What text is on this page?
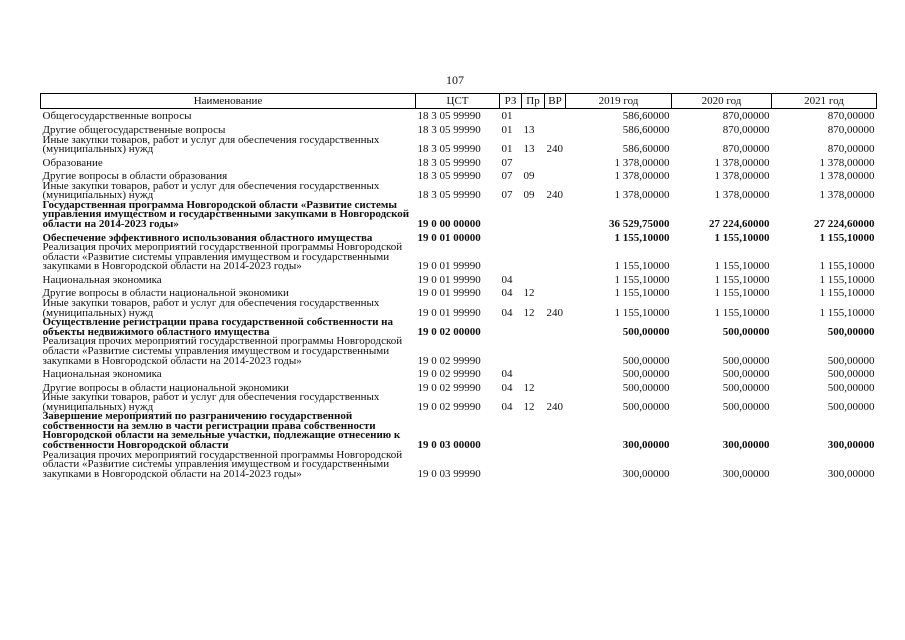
107
Наименование	ЦСТ	РЗ	Пр	ВР	2019 год	2020 год	2021 год
Общегосударственные вопросы	18 3 05 99990	01			586,60000	870,00000	870,00000
Другие общегосударственные вопросы	18 3 05 99990	01	13		586,60000	870,00000	870,00000
Иные закупки товаров, работ и услуг для обеспечения государственных (муниципальных) нужд	18 3 05 99990	01	13	240	586,60000	870,00000	870,00000
Образование	18 3 05 99990	07			1 378,00000	1 378,00000	1 378,00000
Другие вопросы в области образования	18 3 05 99990	07	09		1 378,00000	1 378,00000	1 378,00000
Иные закупки товаров, работ и услуг для обеспечения государственных (муниципальных) нужд	18 3 05 99990	07	09	240	1 378,00000	1 378,00000	1 378,00000
Государственная программа Новгородской области «Развитие системы управления имуществом и государственными закупками в Новгородской области на 2014-2023 годы»	19 0 00 00000				36 529,75000	27 224,60000	27 224,60000
Обеспечение эффективного использования областного имущества	19 0 01 00000				1 155,10000	1 155,10000	1 155,10000
Реализация прочих мероприятий государственной программы Новгородской области «Развитие системы управления имуществом и государственными закупками в Новгородской области на 2014-2023 годы»	19 0 01 99990				1 155,10000	1 155,10000	1 155,10000
Национальная экономика	19 0 01 99990	04			1 155,10000	1 155,10000	1 155,10000
Другие вопросы в области национальной экономики	19 0 01 99990	04	12		1 155,10000	1 155,10000	1 155,10000
Иные закупки товаров, работ и услуг для обеспечения государственных (муниципальных) нужд	19 0 01 99990	04	12	240	1 155,10000	1 155,10000	1 155,10000
Осуществление регистрации права государственной собственности на объекты недвижимого областного имущества	19 0 02 00000				500,00000	500,00000	500,00000
Реализация прочих мероприятий государственной программы Новгородской области «Развитие системы управления имуществом и государственными закупками в Новгородской области на 2014-2023 годы»	19 0 02 99990				500,00000	500,00000	500,00000
Национальная экономика	19 0 02 99990	04			500,00000	500,00000	500,00000
Другие вопросы в области национальной экономики	19 0 02 99990	04	12		500,00000	500,00000	500,00000
Иные закупки товаров, работ и услуг для обеспечения государственных (муниципальных) нужд	19 0 02 99990	04	12	240	500,00000	500,00000	500,00000
Завершение мероприятий по разграничению государственной собственности на землю в части регистрации права собственности Новгородской области на земельные участки, подлежащие отнесению к собственности Новгородской области	19 0 03 00000				300,00000	300,00000	300,00000
Реализация прочих мероприятий государственной программы Новгородской области «Развитие системы управления имуществом и государственными закупками в Новгородской области на 2014-2023 годы»	19 0 03 99990				300,00000	300,00000	300,00000
